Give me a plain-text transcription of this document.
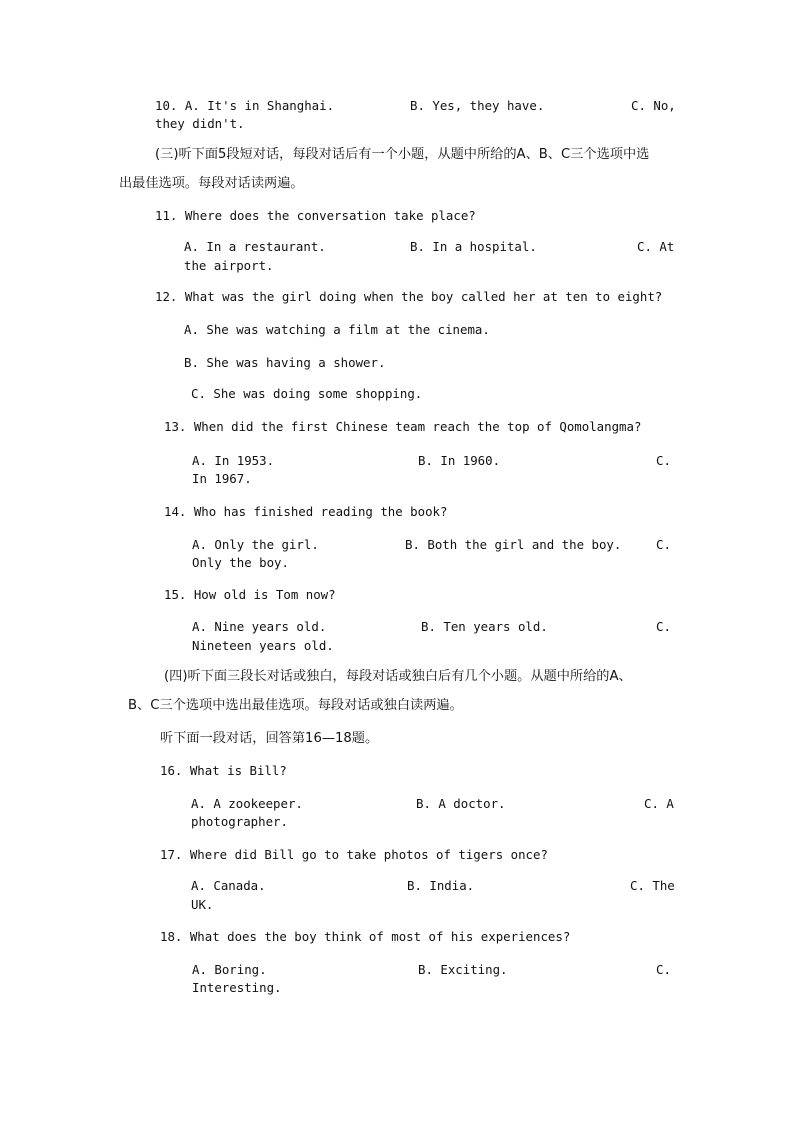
10. A. It's in Shanghai.	B. Yes, they have.	C. No,
they didn't.
(三)听下面5段短对话，每段对话后有一个小题，从题中所给的A、B、C三个选项中选
出最佳选项。每段对话读两遍。
11. Where does the conversation take place?
A. In a restaurant.	B. In a hospital.	C. At
the airport.
12. What was the girl doing when the boy called her at ten to eight?
A. She was watching a film at the cinema.
B. She was having a shower.
C. She was doing some shopping.
13. When did the first Chinese team reach the top of Qomolangma?
A. In 1953.	B. In 1960.	C.
In 1967.
14. Who has finished reading the book?
A. Only the girl.	B. Both the girl and the boy.	C.
Only the boy.
15. How old is Tom now?
A. Nine years old.	B. Ten years old.	C.
Nineteen years old.
(四)听下面三段长对话或独白，每段对话或独白后有几个小题。从题中所给的A、
B、C三个选项中选出最佳选项。每段对话或独白读两遍。
听下面一段对话，回答第16—18题。
16. What is Bill?
A. A zookeeper.	B. A doctor.	C. A
photographer.
17. Where did Bill go to take photos of tigers once?
A. Canada.	B. India.	C. The
UK.
18. What does the boy think of most of his experiences?
A. Boring.	B. Exciting.	C.
Interesting.
